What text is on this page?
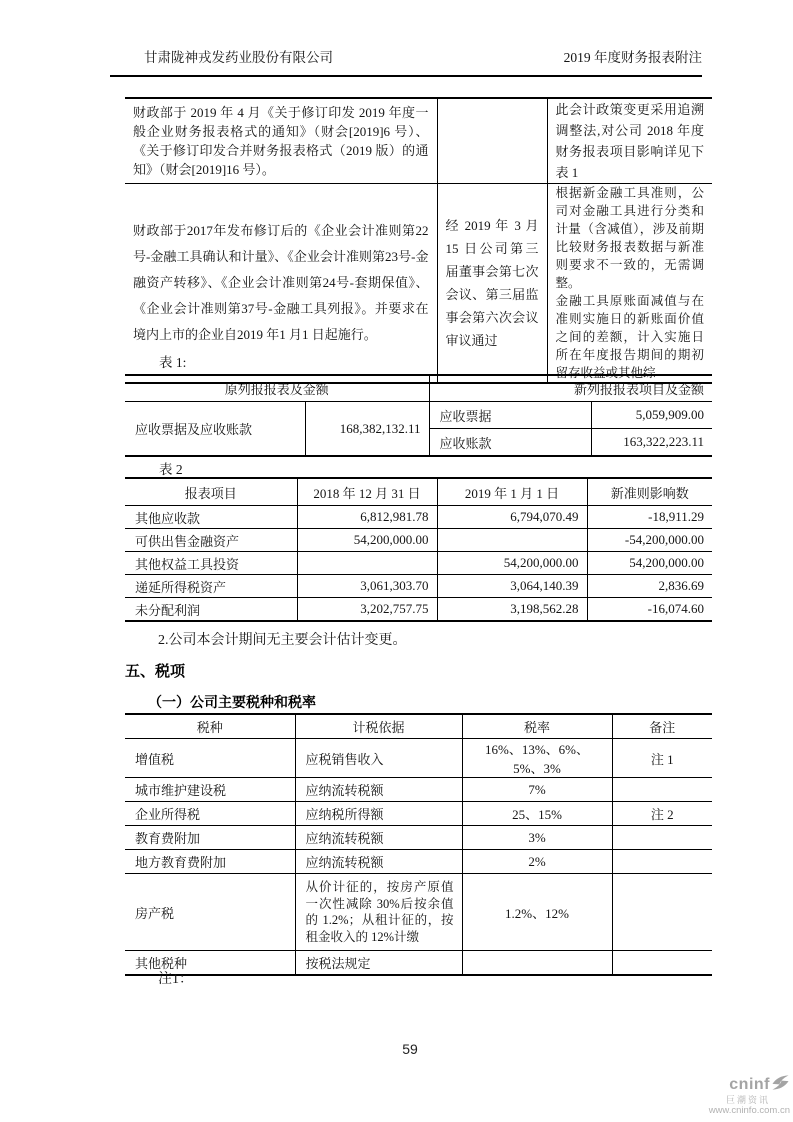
甘肃陇神戎发药业股份有限公司	2019 年度财务报表附注
财政部于 2019 年 4 月《关于修订印发 2019 年度一般企业财务报表格式的通知》（财会[2019]6 号）、《关于修订印发合并财务报表格式（2019 版）的通知》（财会[2019]16 号）。		此会计政策变更采用追溯调整法,对公司 2018 年度财务报表项目影响详见下表 1
财政部于2017年发布修订后的《企业会计准则第22号-金融工具确认和计量》、《企业会计准则第23号-金融资产转移》、《企业会计准则第24号-套期保值》、《企业会计准则第37号-金融工具列报》。并要求在境内上市的企业自2019 年1 月1 日起施行。	经 2019 年 3 月 15 日公司第三届董事会第七次会议、第三届监事会第六次会议审议通过	根据新金融工具准则，公司对金融工具进行分类和计量（含减值），涉及前期比较财务报表数据与新准则要求不一致的，无需调整。

金融工具原账面减值与在准则实施日的新账面价值之间的差额，计入实施日所在年度报告期间的期初留存收益或其他综

表 1:
原列报报表及金额		新列报报表项目及金额	
应收票据及应收账款	168,382,132.11	应收票据	5,059,909.00
		应收账款	163,322,223.11
表 2
报表项目	2018 年 12 月 31 日	2019 年 1 月 1 日	新准则影响数
其他应收款	6,812,981.78	6,794,070.49	-18,911.29
可供出售金融资产	54,200,000.00		-54,200,000.00
其他权益工具投资		54,200,000.00	54,200,000.00
递延所得税资产	3,061,303.70	3,064,140.39	2,836.69
未分配利润	3,202,757.75	3,198,562.28	-16,074.60
2.公司本会计期间无主要会计估计变更。
五、税项
（一）公司主要税种和税率
税种	计税依据	税率	备注
增值税	应税销售收入	16%、13%、6%、5%、3%	注 1
城市维护建设税	应纳流转税额	7%	
企业所得税	应纳税所得额	25、15%	注 2
教育费附加	应纳流转税额	3%	
地方教育费附加	应纳流转税额	2%	
房产税	从价计征的，按房产原值一次性减除 30%后按余值的 1.2%；从租计征的，按租金收入的 12%计缴	1.2%、12%	
其他税种	按税法规定		
注1：
59
cninf
巨潮资讯
www.cninfo.com.cn
